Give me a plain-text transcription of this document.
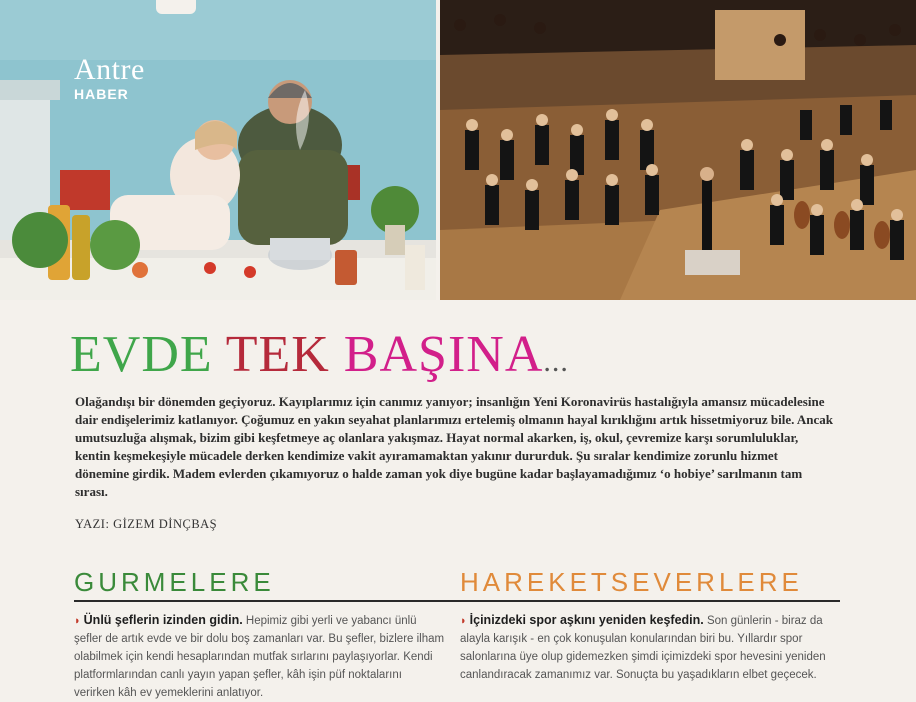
Antre
HABER
EVDE TEK BAŞINA...
Olağandışı bir dönemden geçiyoruz. Kayıplarımız için canımız yanıyor; insanlığın Yeni Koronavirüs hastalığıyla amansız mücadelesine dair endişelerimiz katlanıyor. Çoğumuz en yakın seyahat planlarımızı ertelemiş olmanın hayal kırıklığını artık hissetmiyoruz bile. Ancak umutsuzluğa alışmak, bizim gibi keşfetmeye aç olanlara yakışmaz. Hayat normal akarken, iş, okul, çevremize karşı sorumluluklar, kentin keşmekeşiyle mücadele derken kendimize vakit ayıramamaktan yakınır dururduk. Şu sıralar kendimize zorunlu hizmet dönemine girdik. Madem evlerden çıkamıyoruz o halde zaman yok diye bugüne kadar başlayamadığımız ‘o hobiye’ sarılmanın tam sırası.
YAZI: GİZEM DİNÇBAŞ
GURMELERE
◗ Ünlü şeflerin izinden gidin. Hepimiz gibi yerli ve yabancı ünlü şefler de artık evde ve bir dolu boş zamanları var. Bu şefler, bizlere ilham olabilmek için kendi hesaplarından mutfak sırlarını paylaşıyorlar. Kendi platformlarından canlı yayın yapan şefler, kâh işin püf noktalarını verirken kâh ev yemeklerini anlatıyor.
HAREKETSEVERLERE
◗ İçinizdeki spor aşkını yeniden keşfedin. Son günlerin - biraz da alayla karışık - en çok konuşulan konularından biri bu. Yıllardır spor salonlarına üye olup gidemezken şimdi içimizdeki spor hevesini yeniden canlandıracak zamanımız var. Sonuçta bu yaşadıkların elbet geçecek.
